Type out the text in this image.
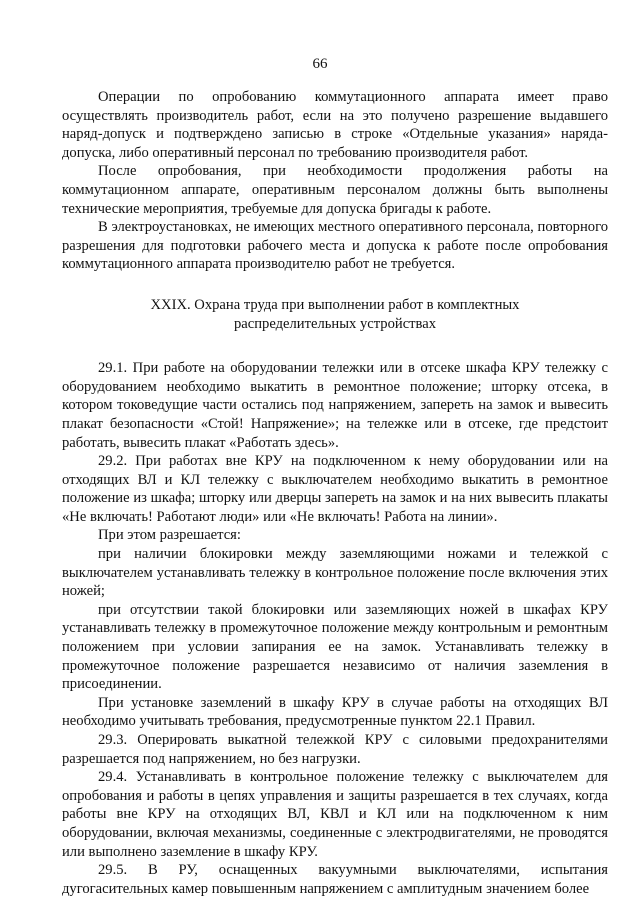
66

Операции по опробованию коммутационного аппарата имеет право осуществлять производитель работ, если на это получено разрешение выдавшего наряд-допуск и подтверждено записью в строке «Отдельные указания» наряда-допуска, либо оперативный персонал по требованию производителя работ.

После опробования, при необходимости продолжения работы на коммутационном аппарате, оперативным персоналом должны быть выполнены технические мероприятия, требуемые для допуска бригады к работе.

В электроустановках, не имеющих местного оперативного персонала, повторного разрешения для подготовки рабочего места и допуска к работе после опробования коммутационного аппарата производителю работ не требуется.

XXIX. Охрана труда при выполнении работ в комплектных
распределительных устройствах

29.1. При работе на оборудовании тележки или в отсеке шкафа КРУ тележку с оборудованием необходимо выкатить в ремонтное положение; шторку отсека, в котором токоведущие части остались под напряжением, запереть на замок и вывесить плакат безопасности «Стой! Напряжение»; на тележке или в отсеке, где предстоит работать, вывесить плакат «Работать здесь».

29.2. При работах вне КРУ на подключенном к нему оборудовании или на отходящих ВЛ и КЛ тележку с выключателем необходимо выкатить в ремонтное положение из шкафа; шторку или дверцы запереть на замок и на них вывесить плакаты «Не включать! Работают люди» или «Не включать! Работа на линии».

При этом разрешается:

при наличии блокировки между заземляющими ножами и тележкой с выключателем устанавливать тележку в контрольное положение после включения этих ножей;

при отсутствии такой блокировки или заземляющих ножей в шкафах КРУ устанавливать тележку в промежуточное положение между контрольным и ремонтным положением при условии запирания ее на замок. Устанавливать тележку в промежуточное положение разрешается независимо от наличия заземления в присоединении.

При установке заземлений в шкафу КРУ в случае работы на отходящих ВЛ необходимо учитывать требования, предусмотренные пунктом 22.1 Правил.

29.3. Оперировать выкатной тележкой КРУ с силовыми предохранителями разрешается под напряжением, но без нагрузки.

29.4. Устанавливать в контрольное положение тележку с выключателем для опробования и работы в цепях управления и защиты разрешается в тех случаях, когда работы вне КРУ на отходящих ВЛ, КВЛ и КЛ или на подключенном к ним оборудовании, включая механизмы, соединенные с электродвигателями, не проводятся или выполнено заземление в шкафу КРУ.

29.5. В РУ, оснащенных вакуумными выключателями, испытания дугогасительных камер повышенным напряжением с амплитудным значением более
